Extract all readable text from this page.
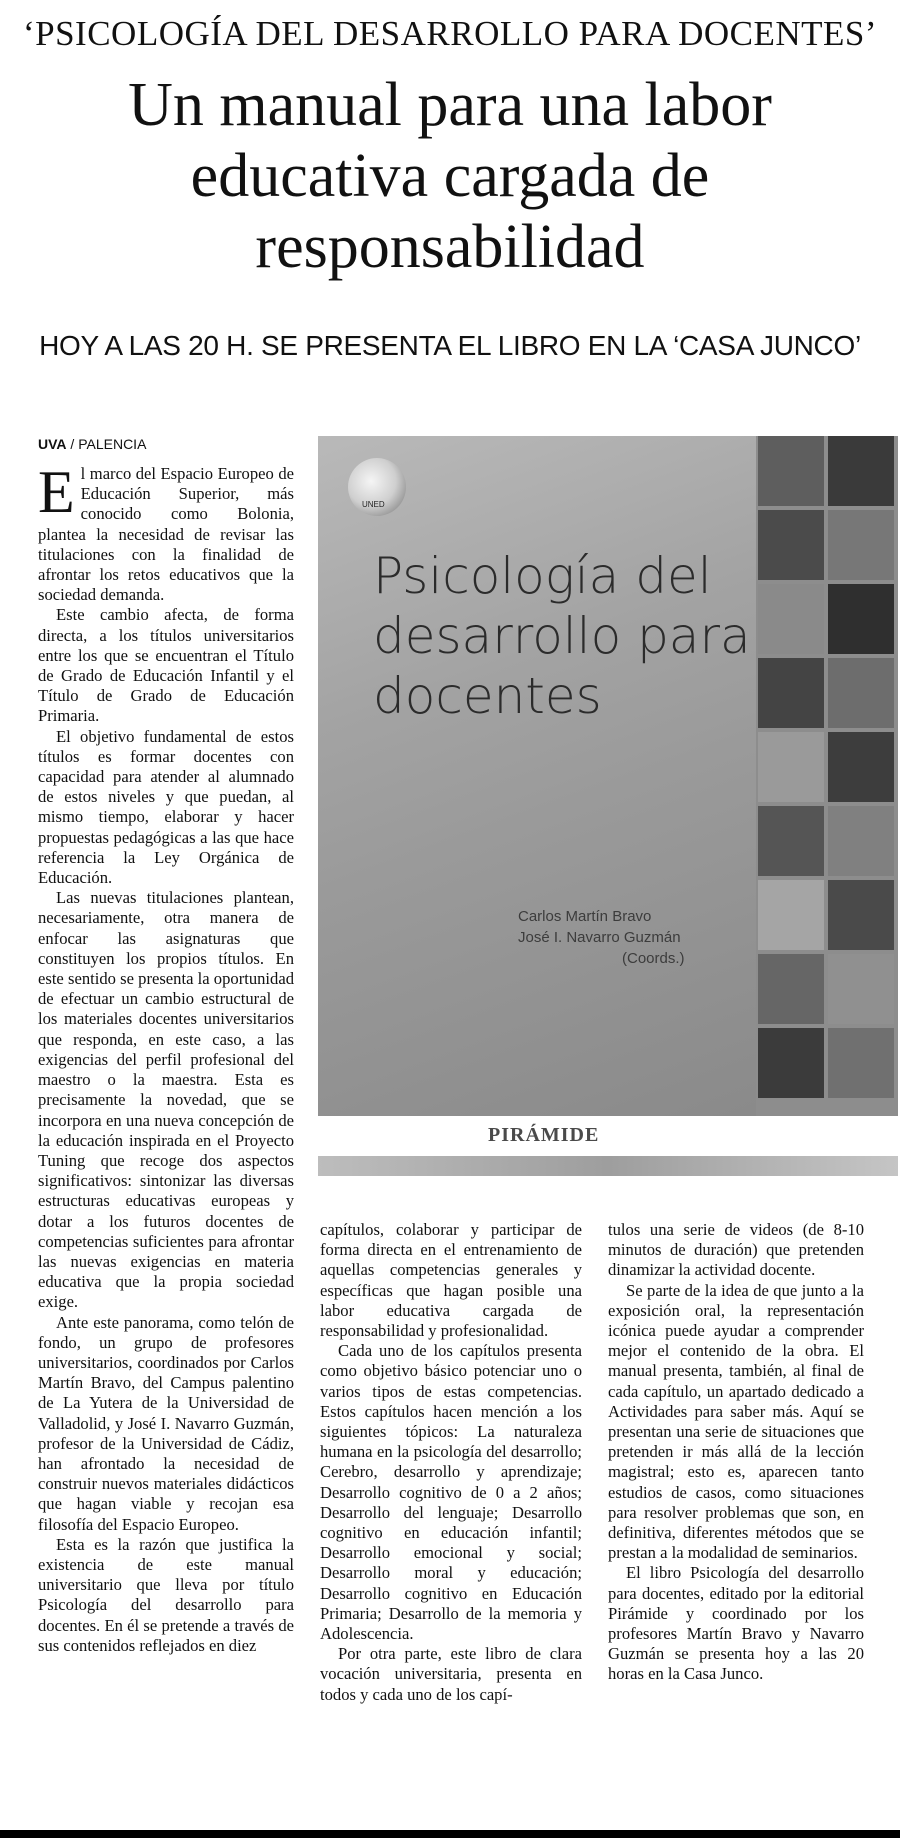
‘PSICOLOGÍA DEL DESARROLLO PARA DOCENTES’
Un manual para una labor educativa cargada de responsabilidad
HOY A LAS 20 H. SE PRESENTA EL LIBRO EN LA ‘CASA JUNCO’
UVA / PALENCIA

El marco del Espacio Europeo de Educación Superior, más conocido como Bolonia, plantea la necesidad de revisar las titulaciones con la finalidad de afrontar los retos educativos que la sociedad demanda.

Este cambio afecta, de forma directa, a los títulos universitarios entre los que se encuentran el Título de Grado de Educación Infantil y el Título de Grado de Educación Primaria.

El objetivo fundamental de estos títulos es formar docentes con capacidad para atender al alumnado de estos niveles y que puedan, al mismo tiempo, elaborar y hacer propuestas pedagógicas a las que hace referencia la Ley Orgánica de Educación.

Las nuevas titulaciones plantean, necesariamente, otra manera de enfocar las asignaturas que constituyen los propios títulos. En este sentido se presenta la oportunidad de efectuar un cambio estructural de los materiales docentes universitarios que responda, en este caso, a las exigencias del perfil profesional del maestro o la maestra. Esta es precisamente la novedad, que se incorpora en una nueva concepción de la educación inspirada en el Proyecto Tuning que recoge dos aspectos significativos: sintonizar las diversas estructuras educativas europeas y dotar a los futuros docentes de competencias suficientes para afrontar las nuevas exigencias en materia educativa que la propia sociedad exige.

Ante este panorama, como telón de fondo, un grupo de profesores universitarios, coordinados por Carlos Martín Bravo, del Campus palentino de La Yutera de la Universidad de Valladolid, y José I. Navarro Guzmán, profesor de la Universidad de Cádiz, han afrontado la necesidad de construir nuevos materiales didácticos que hagan viable y recojan esa filosofía del Espacio Europeo.

Esta es la razón que justifica la existencia de este manual universitario que lleva por título Psicología del desarrollo para docentes. En él se pretende a través de sus contenidos reflejados en diez

UNED
Psicología del desarrollo para docentes
Carlos Martín Bravo
José I. Navarro Guzmán
(Coords.)
PIRÁMIDE

capítulos, colaborar y participar de forma directa en el entrenamiento de aquellas competencias generales y específicas que hagan posible una labor educativa cargada de responsabilidad y profesionalidad.

Cada uno de los capítulos presenta como objetivo básico potenciar uno o varios tipos de estas competencias. Estos capítulos hacen mención a los siguientes tópicos: La naturaleza humana en la psicología del desarrollo; Cerebro, desarrollo y aprendizaje; Desarrollo cognitivo de 0 a 2 años; Desarrollo del lenguaje; Desarrollo cognitivo en educación infantil; Desarrollo emocional y social; Desarrollo moral y educación; Desarrollo cognitivo en Educación Primaria; Desarrollo de la memoria y Adolescencia.

Por otra parte, este libro de clara vocación universitaria, presenta en todos y cada uno de los capí-

tulos una serie de videos (de 8-10 minutos de duración) que pretenden dinamizar la actividad docente.

Se parte de la idea de que junto a la exposición oral, la representación icónica puede ayudar a comprender mejor el contenido de la obra. El manual presenta, también, al final de cada capítulo, un apartado dedicado a Actividades para saber más. Aquí se presentan una serie de situaciones que pretenden ir más allá de la lección magistral; esto es, aparecen tanto estudios de casos, como situaciones para resolver problemas que son, en definitiva, diferentes métodos que se prestan a la modalidad de seminarios.

El libro Psicología del desarrollo para docentes, editado por la editorial Pirámide y coordinado por los profesores Martín Bravo y Navarro Guzmán se presenta hoy a las 20 horas en la Casa Junco.
